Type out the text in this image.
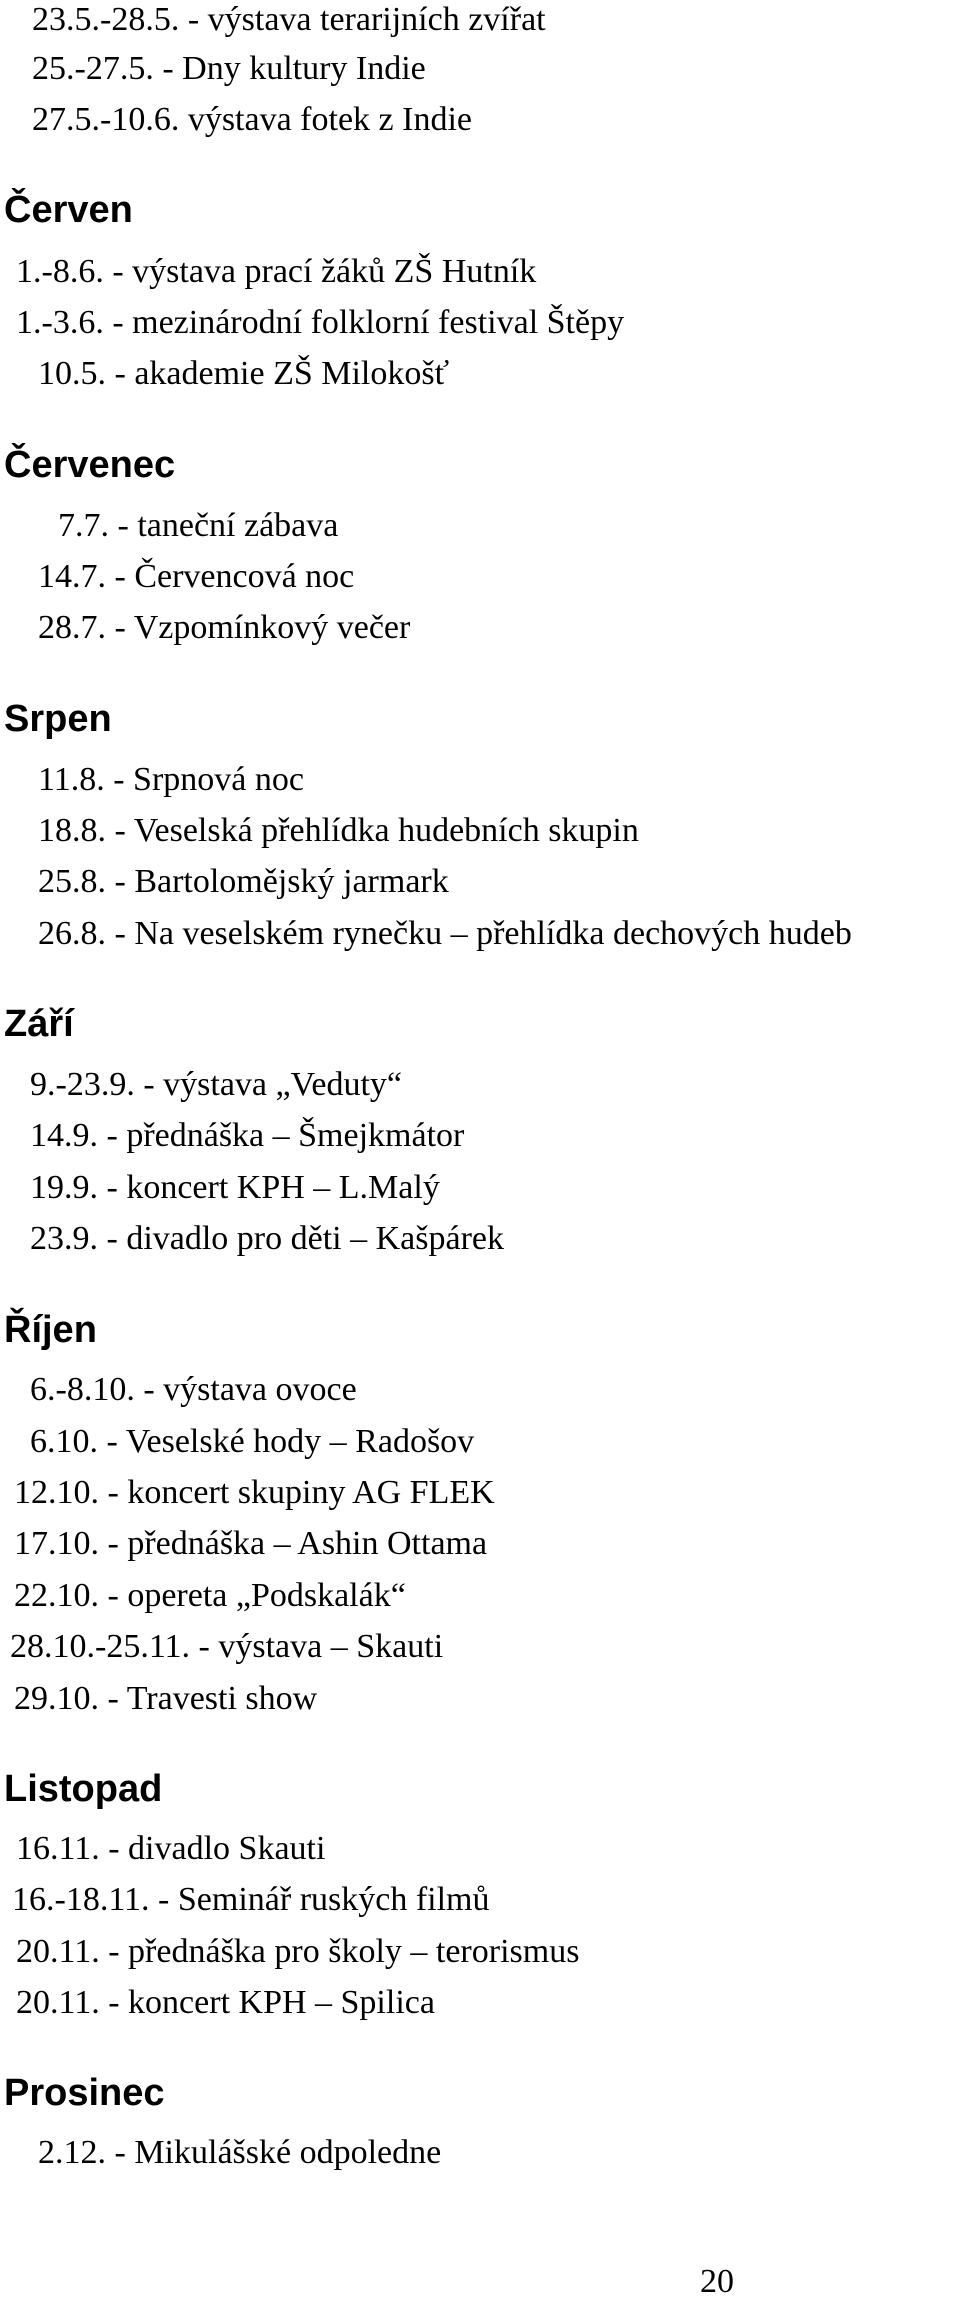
23.5.-28.5. - výstava terarijních zvířat

25.-27.5. - Dny kultury Indie

27.5.-10.6. výstava fotek z Indie

Červen

1.-8.6. - výstava prací žáků ZŠ Hutník

1.-3.6. - mezinárodní folklorní festival Štěpy

10.5. - akademie ZŠ Milokošť

Červenec

7.7. - taneční zábava

14.7. - Červencová noc

28.7. - Vzpomínkový večer

Srpen

11.8. - Srpnová noc

18.8. - Veselská přehlídka hudebních skupin

25.8. - Bartolomějský jarmark

26.8. - Na veselském rynečku – přehlídka dechových hudeb

Září

9.-23.9. - výstava „Veduty“

14.9. - přednáška – Šmejkmátor

19.9. - koncert KPH – L.Malý

23.9. - divadlo pro děti – Kašpárek

Říjen

6.-8.10. - výstava ovoce

6.10. - Veselské hody – Radošov

12.10. - koncert skupiny AG FLEK

17.10. - přednáška – Ashin Ottama

22.10. - opereta „Podskalák“

28.10.-25.11. - výstava – Skauti

29.10. - Travesti show

Listopad

16.11. - divadlo Skauti

16.-18.11. - Seminář ruských filmů

20.11. - přednáška pro školy – terorismus

20.11. - koncert KPH – Spilica

Prosinec

2.12. - Mikulášské odpoledne

20
